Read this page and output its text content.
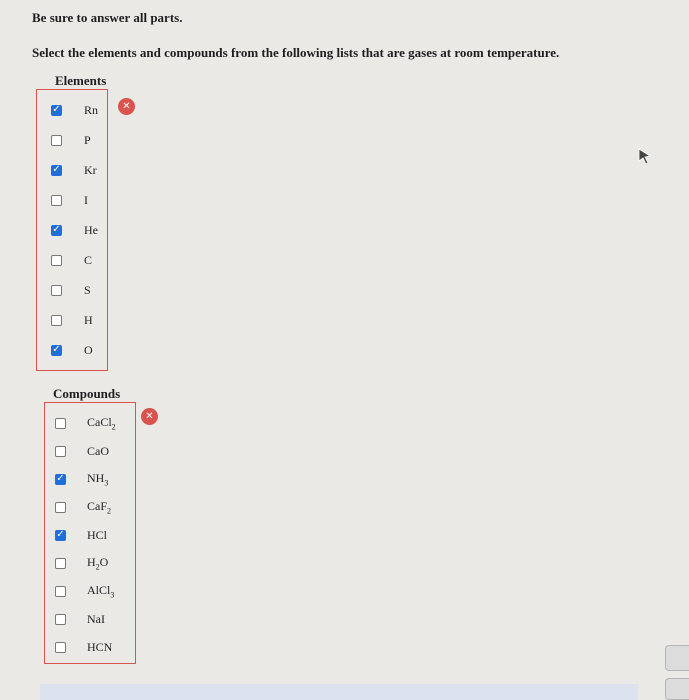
Be sure to answer all parts.
Select the elements and compounds from the following lists that are gases at room temperature.
Elements
✓ Rn
P
✓ Kr
I
✓ He
C
S
H
✓ O
✕
Compounds
CaCl$_2$
CaO
✓ $NH_3$
CaF$_2$
✓ HCl
$H_2O$
AlCl$_3$
NaI
HCN
✕
